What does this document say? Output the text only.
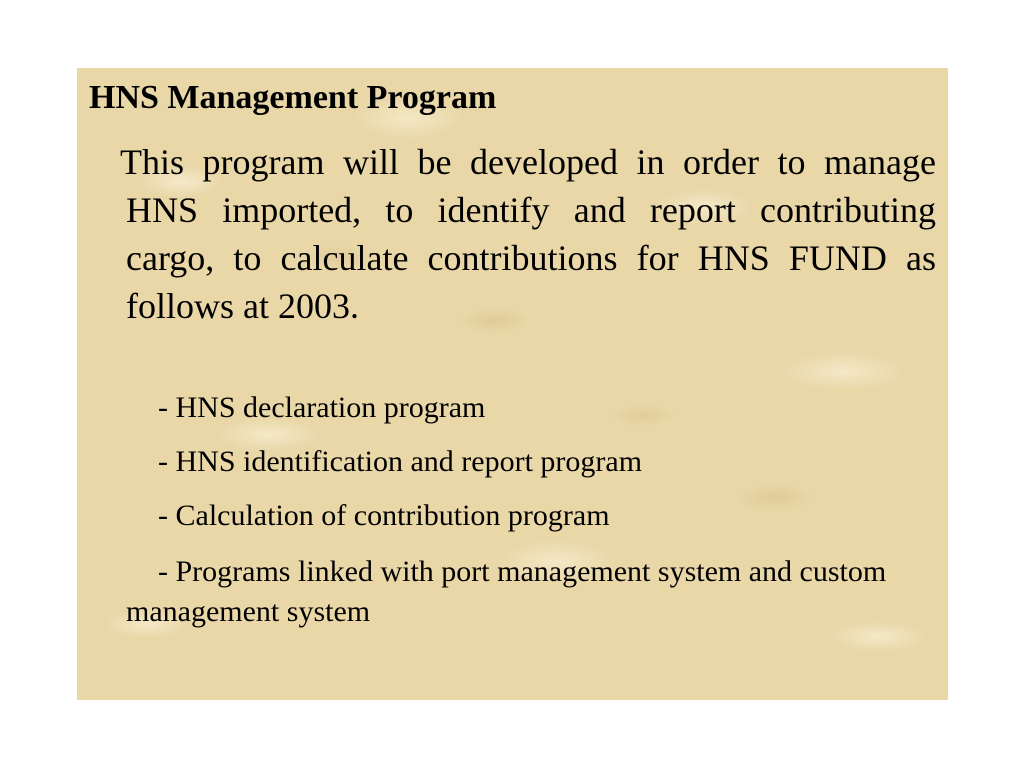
HNS Management Program

This program will be developed in order to manage HNS imported, to identify and report contributing cargo, to calculate contributions for HNS FUND as follows at 2003.

- HNS declaration program
- HNS identification and report program
- Calculation of contribution program
- Programs linked with port management system and custom management system
